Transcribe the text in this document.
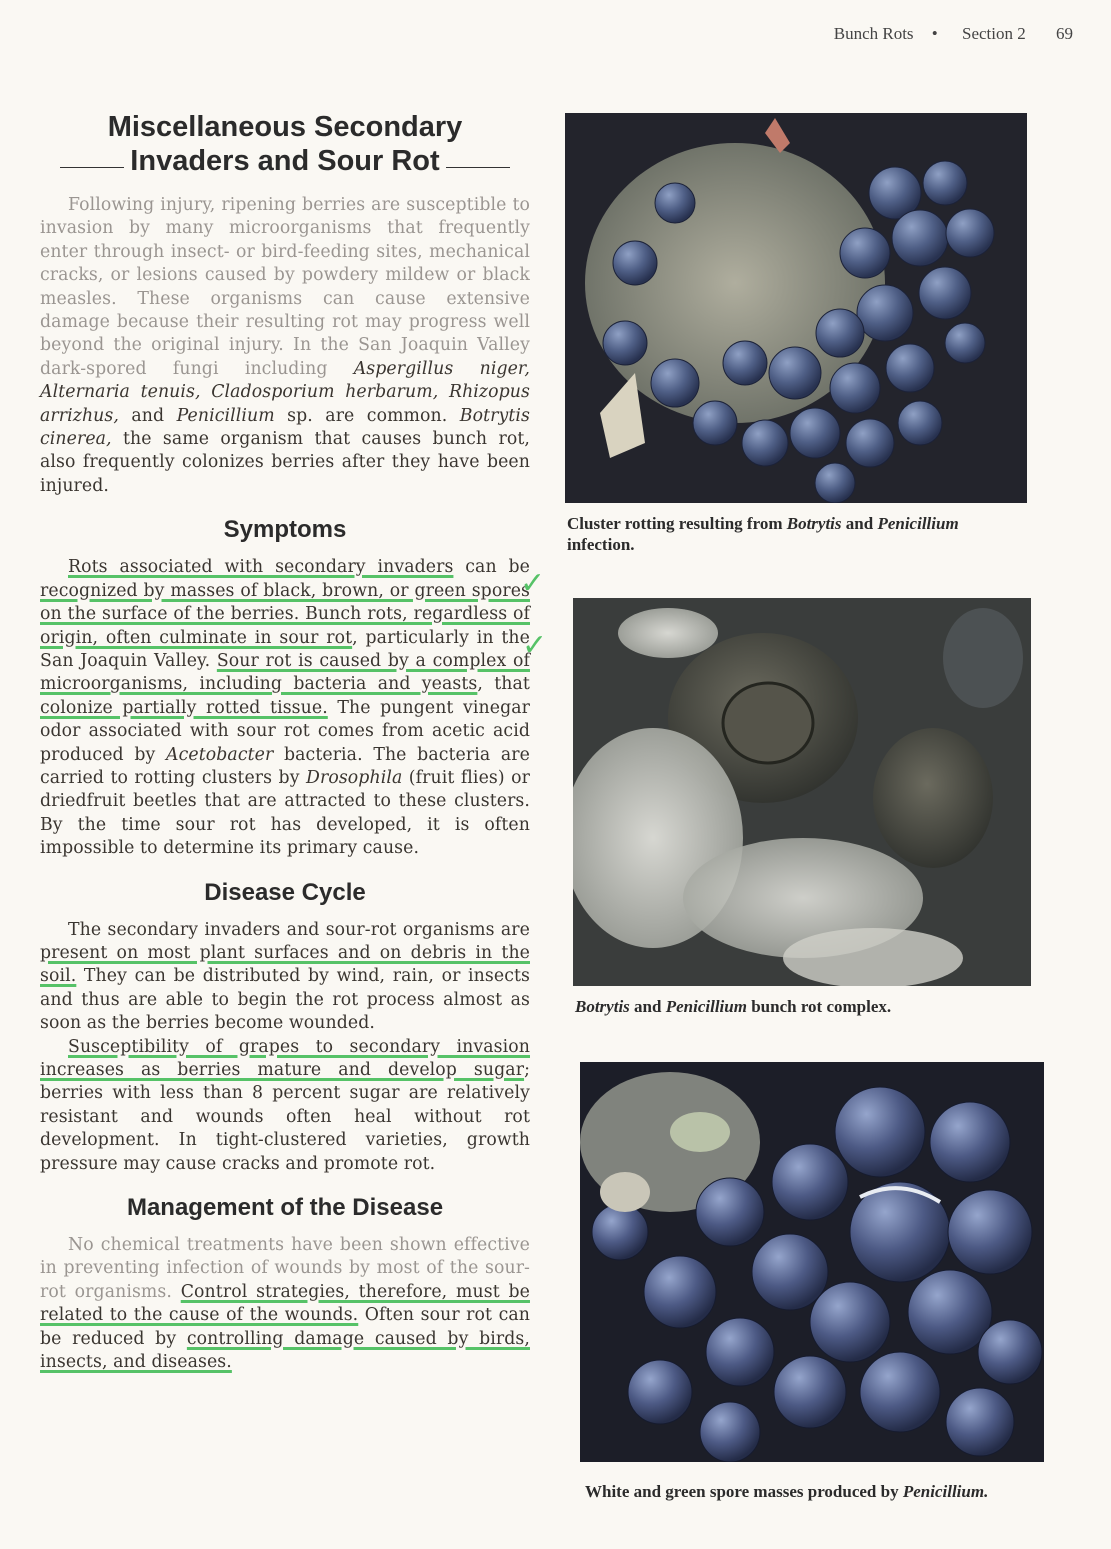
Bunch Rots • Section 2 69
Miscellaneous Secondary
Invaders and Sour Rot

Following injury, ripening berries are susceptible to invasion by many microorganisms that frequently enter through insect- or bird-feeding sites, mechanical cracks, or lesions caused by powdery mildew or black measles. These organisms can cause extensive damage because their resulting rot may progress well beyond the original injury. In the San Joaquin Valley dark-spored fungi including Aspergillus niger, Alternaria tenuis, Cladosporium herbarum, Rhizopus arrizhus, and Penicillium sp. are common. Botrytis cinerea, the same organism that causes bunch rot, also frequently colonizes berries after they have been injured.

Symptoms

Rots associated with secondary invaders can be recognized by masses of black, brown, or green spores on the surface of the berries. Bunch rots, regardless of origin, often culminate in sour rot, particularly in the San Joaquin Valley. Sour rot is caused by a complex of microorganisms, including bacteria and yeasts, that colonize partially rotted tissue. The pungent vinegar odor associated with sour rot comes from acetic acid produced by Acetobacter bacteria. The bacteria are carried to rotting clusters by Drosophila (fruit flies) or driedfruit beetles that are attracted to these clusters. By the time sour rot has developed, it is often impossible to determine its primary cause.

Disease Cycle

The secondary invaders and sour-rot organisms are present on most plant surfaces and on debris in the soil. They can be distributed by wind, rain, or insects and thus are able to begin the rot process almost as soon as the berries become wounded.

Susceptibility of grapes to secondary invasion increases as berries mature and develop sugar; berries with less than 8 percent sugar are relatively resistant and wounds often heal without rot development. In tight-clustered varieties, growth pressure may cause cracks and promote rot.

Management of the Disease

No chemical treatments have been shown effective in preventing infection of wounds by most of the sour-rot organisms. Control strategies, therefore, must be related to the cause of the wounds. Often sour rot can be reduced by controlling damage caused by birds, insects, and diseases.

✓
✓
Cluster rotting resulting from Botrytis and Penicillium infection.
Botrytis and Penicillium bunch rot complex.
White and green spore masses produced by Penicillium.
